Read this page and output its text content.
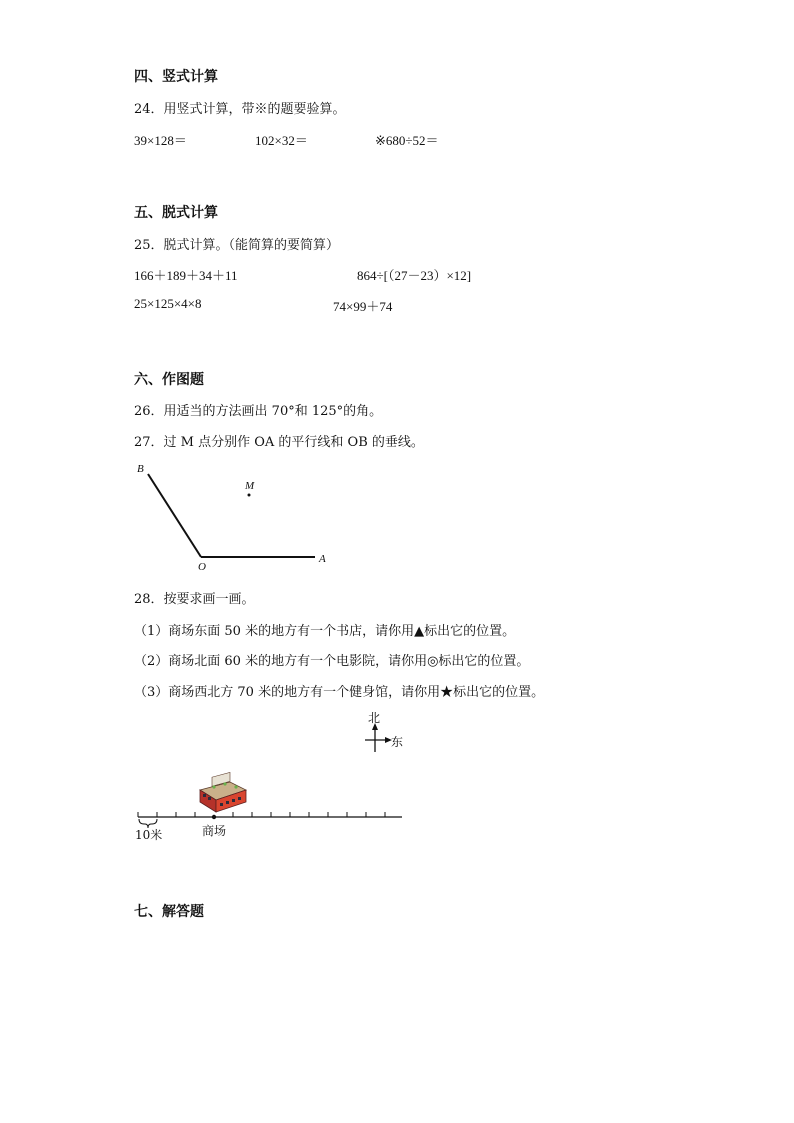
四、竖式计算
24．用竖式计算，带※的题要验算。
39×128＝	102×32＝	※680÷52＝
五、脱式计算
25．脱式计算。（能简算的要简算）
166＋189＋34＋11	864÷[（27－23）×12]
25×125×4×8	74×99＋74
六、作图题
26．用适当的方法画出 70°和 125°的角。
27．过 M 点分别作 OA 的平行线和 OB 的垂线。
B
M
O
A
28．按要求画一画。
（1）商场东面 50 米的地方有一个书店，请你用▲标出它的位置。
（2）商场北面 60 米的地方有一个电影院，请你用◎标出它的位置。
（3）商场西北方 70 米的地方有一个健身馆，请你用★标出它的位置。
北
东
10米	商场
七、解答题
